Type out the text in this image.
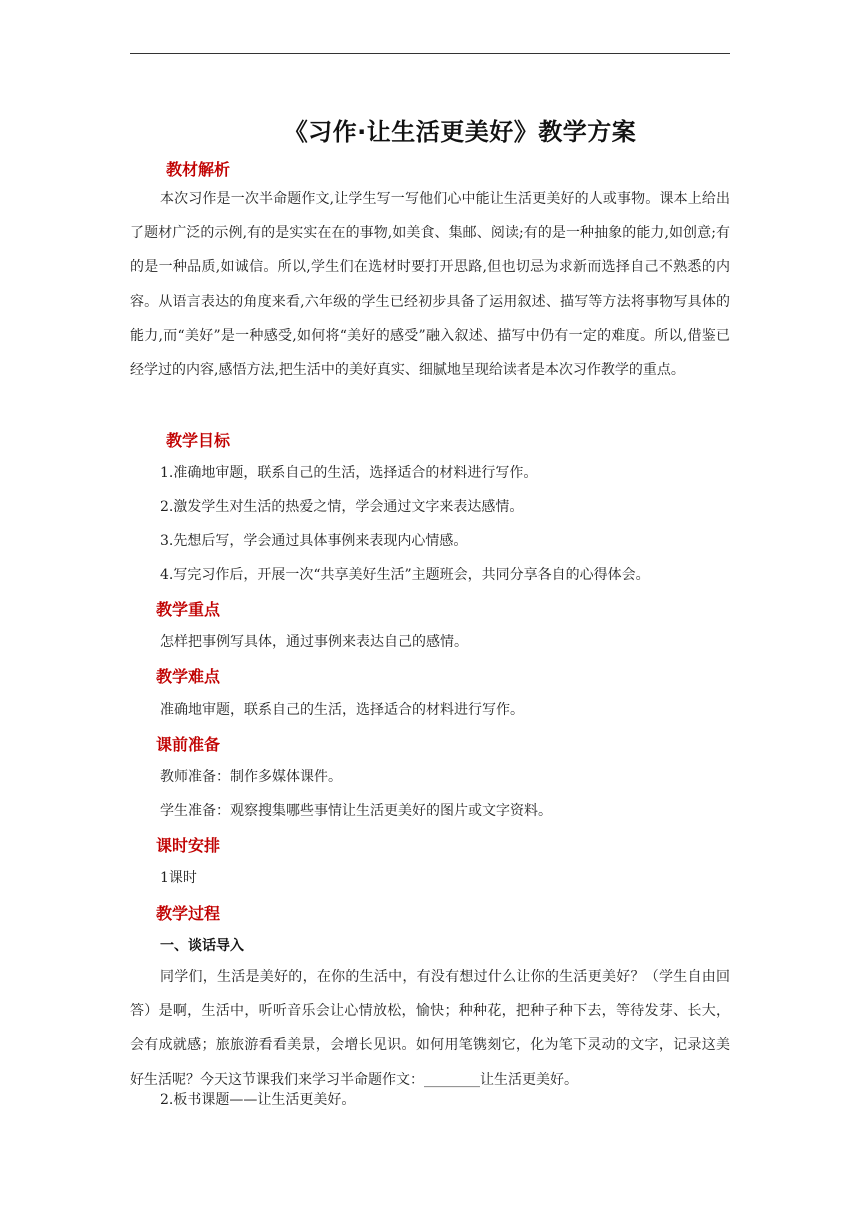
《习作·让生活更美好》教学方案
教材解析
本次习作是一次半命题作文,让学生写一写他们心中能让生活更美好的人或事物。课本上给出了题材广泛的示例,有的是实实在在的事物,如美食、集邮、阅读;有的是一种抽象的能力,如创意;有的是一种品质,如诚信。所以,学生们在选材时要打开思路,但也切忌为求新而选择自己不熟悉的内容。从语言表达的角度来看,六年级的学生已经初步具备了运用叙述、描写等方法将事物写具体的能力,而“美好”是一种感受,如何将“美好的感受”融入叙述、描写中仍有一定的难度。所以,借鉴已经学过的内容,感悟方法,把生活中的美好真实、细腻地呈现给读者是本次习作教学的重点。
教学目标
1.准确地审题，联系自己的生活，选择适合的材料进行写作。
2.激发学生对生活的热爱之情，学会通过文字来表达感情。
3.先想后写，学会通过具体事例来表现内心情感。
4.写完习作后，开展一次“共享美好生活”主题班会，共同分享各自的心得体会。
教学重点
怎样把事例写具体，通过事例来表达自己的感情。
教学难点
准确地审题，联系自己的生活，选择适合的材料进行写作。
课前准备
教师准备：制作多媒体课件。
学生准备：观察搜集哪些事情让生活更美好的图片或文字资料。
课时安排
1课时
教学过程
一、谈话导入
同学们，生活是美好的，在你的生活中，有没有想过什么让你的生活更美好？（学生自由回答）是啊，生活中，听听音乐会让心情放松，愉快；种种花，把种子种下去，等待发芽、长大，会有成就感；旅旅游看看美景，会增长见识。如何用笔镌刻它，化为笔下灵动的文字，记录这美好生活呢？今天这节课我们来学习半命题作文：________让生活更美好。
2.板书课题——让生活更美好。
